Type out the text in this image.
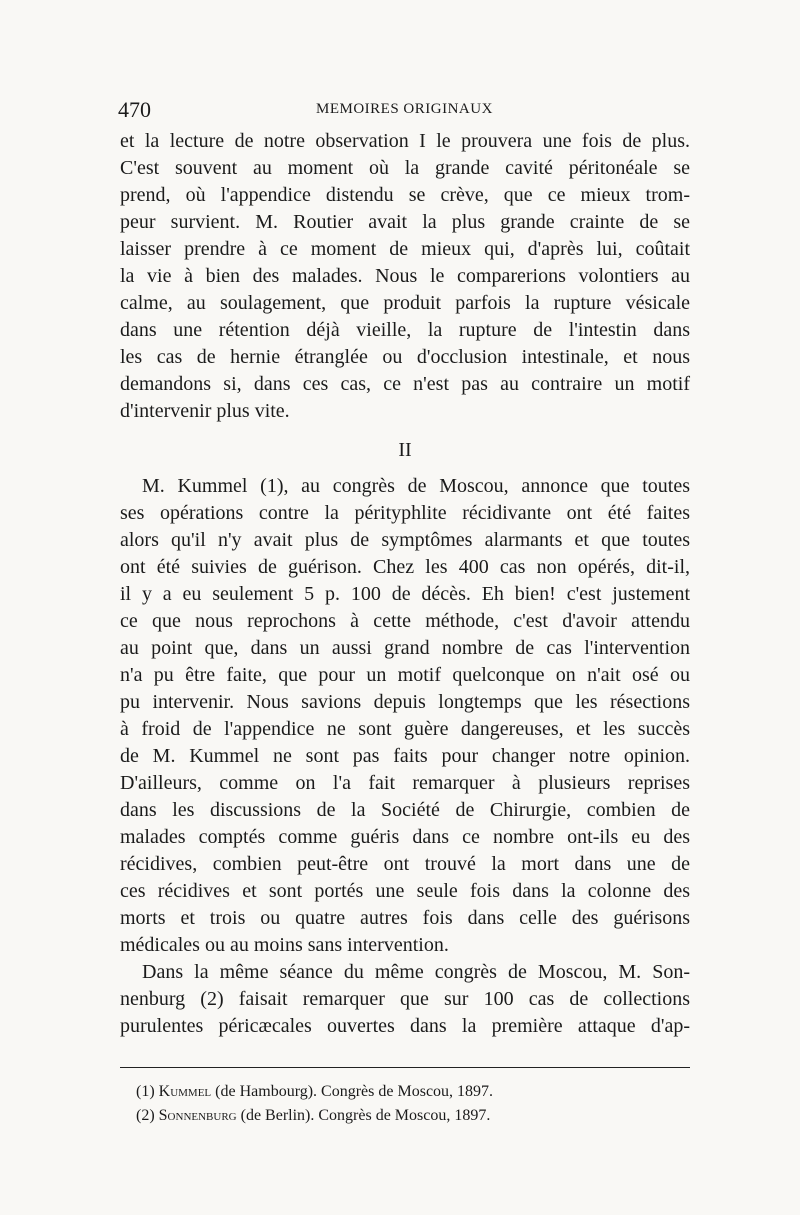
470	MEMOIRES ORIGINAUX

et la lecture de notre observation I le prouvera une fois de plus.
C'est souvent au moment où la grande cavité péritonéale se
prend, où l'appendice distendu se crève, que ce mieux trom-
peur survient. M. Routier avait la plus grande crainte de se
laisser prendre à ce moment de mieux qui, d'après lui, coûtait
la vie à bien des malades. Nous le comparerions volontiers au
calme, au soulagement, que produit parfois la rupture vésicale
dans une rétention déjà vieille, la rupture de l'intestin dans
les cas de hernie étranglée ou d'occlusion intestinale, et nous
demandons si, dans ces cas, ce n'est pas au contraire un motif
d'intervenir plus vite.

II

M. Kummel (1), au congrès de Moscou, annonce que toutes
ses opérations contre la pérityphlite récidivante ont été faites
alors qu'il n'y avait plus de symptômes alarmants et que toutes
ont été suivies de guérison. Chez les 400 cas non opérés, dit-il,
il y a eu seulement 5 p. 100 de décès. Eh bien! c'est justement
ce que nous reprochons à cette méthode, c'est d'avoir attendu
au point que, dans un aussi grand nombre de cas l'intervention
n'a pu être faite, que pour un motif quelconque on n'ait osé ou
pu intervenir. Nous savions depuis longtemps que les résections
à froid de l'appendice ne sont guère dangereuses, et les succès
de M. Kummel ne sont pas faits pour changer notre opinion.
D'ailleurs, comme on l'a fait remarquer à plusieurs reprises
dans les discussions de la Société de Chirurgie, combien de
malades comptés comme guéris dans ce nombre ont-ils eu des
récidives, combien peut-être ont trouvé la mort dans une de
ces récidives et sont portés une seule fois dans la colonne des
morts et trois ou quatre autres fois dans celle des guérisons
médicales ou au moins sans intervention.

Dans la même séance du même congrès de Moscou, M. Son-
nenburg (2) faisait remarquer que sur 100 cas de collections
purulentes péricæcales ouvertes dans la première attaque d'ap-

(1) Kummel (de Hambourg). Congrès de Moscou, 1897.
(2) Sonnenburg (de Berlin). Congrès de Moscou, 1897.
